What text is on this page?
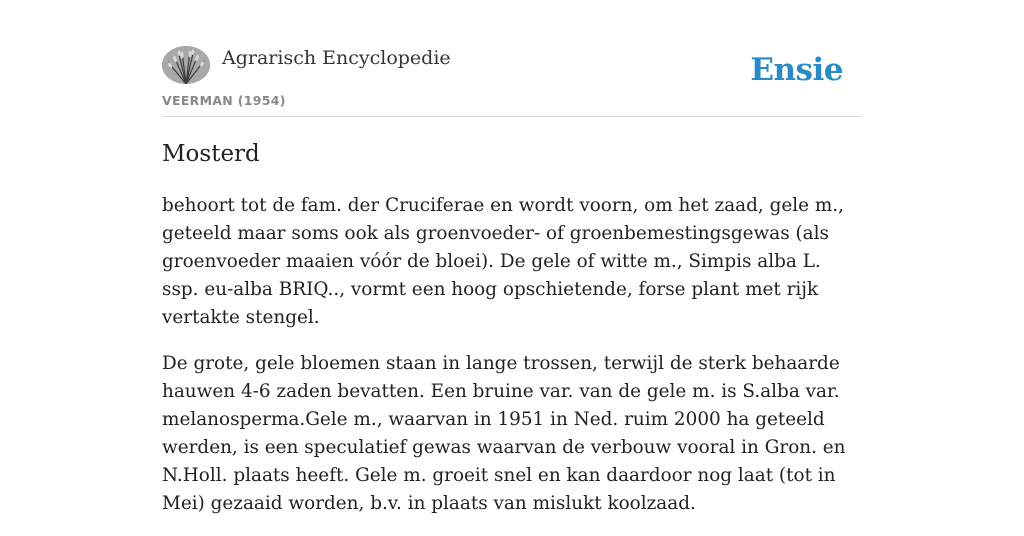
Agrarisch Encyclopedie
VEERMAN (1954)
Ensie
Mosterd

behoort tot de fam. der Cruciferae en wordt voorn, om het zaad, gele m., geteeld maar soms ook als groenvoeder- of groenbemestingsgewas (als groenvoeder maaien vóór de bloei). De gele of witte m., Simpis alba L. ssp. eu-alba BRIQ.., vormt een hoog opschietende, forse plant met rijk vertakte stengel.

De grote, gele bloemen staan in lange trossen, terwijl de sterk behaarde hauwen 4-6 zaden bevatten. Een bruine var. van de gele m. is S.alba var. melanosperma.Gele m., waarvan in 1951 in Ned. ruim 2000 ha geteeld werden, is een speculatief gewas waarvan de verbouw vooral in Gron. en N.Holl. plaats heeft. Gele m. groeit snel en kan daardoor nog laat (tot in Mei) gezaaid worden, b.v. in plaats van mislukt koolzaad.
